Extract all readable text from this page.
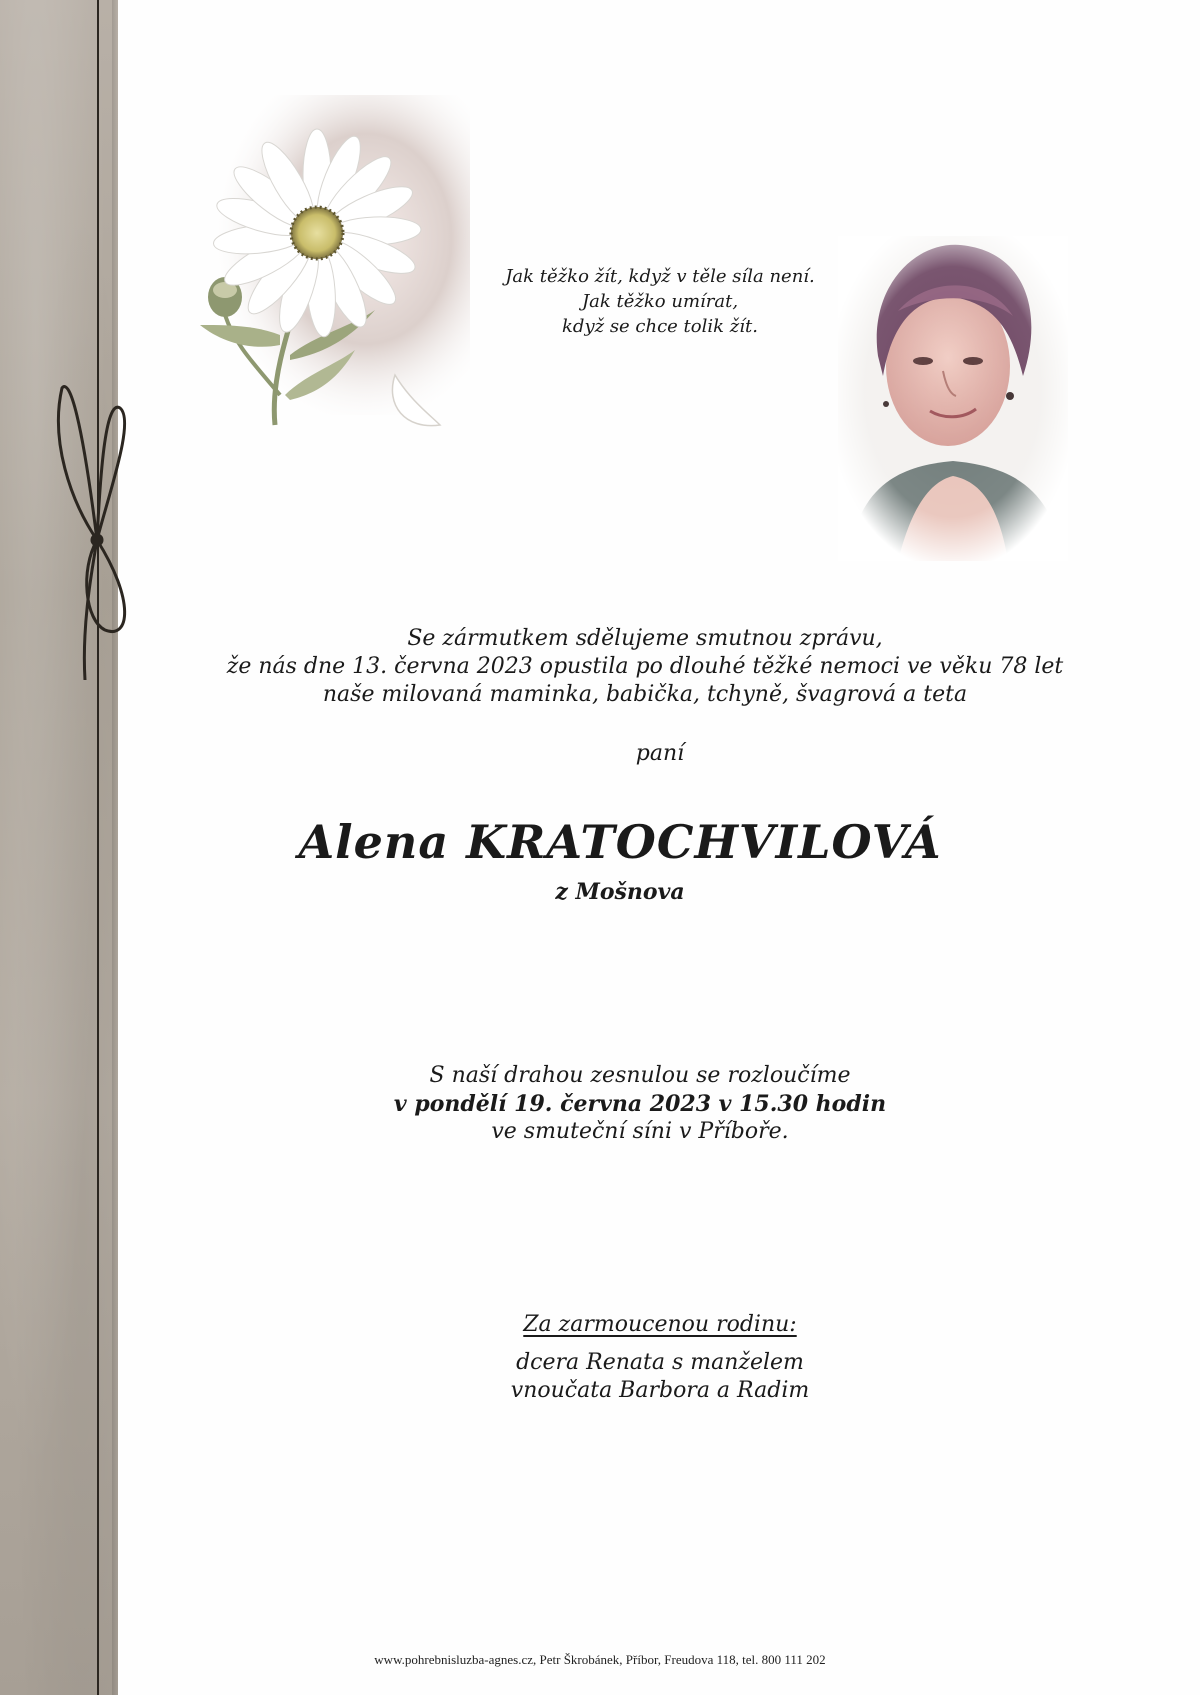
Jak těžko žít, když v těle síla není.
Jak těžko umírat,
když se chce tolik žít.
Se zármutkem sdělujeme smutnou zprávu,
že nás dne 13. června 2023 opustila po dlouhé těžké nemoci ve věku 78 let
naše milovaná maminka, babička, tchyně, švagrová a teta
paní
Alena KRATOCHVILOVÁ
z Mošnova
S naší drahou zesnulou se rozloučíme
v pondělí 19. června 2023 v 15.30 hodin
ve smuteční síni v Příboře.
Za zarmoucenou rodinu:
dcera Renata s manželem
vnoučata Barbora a Radim
www.pohrebnisluzba-agnes.cz, Petr Škrobánek, Příbor, Freudova 118, tel. 800 111 202
